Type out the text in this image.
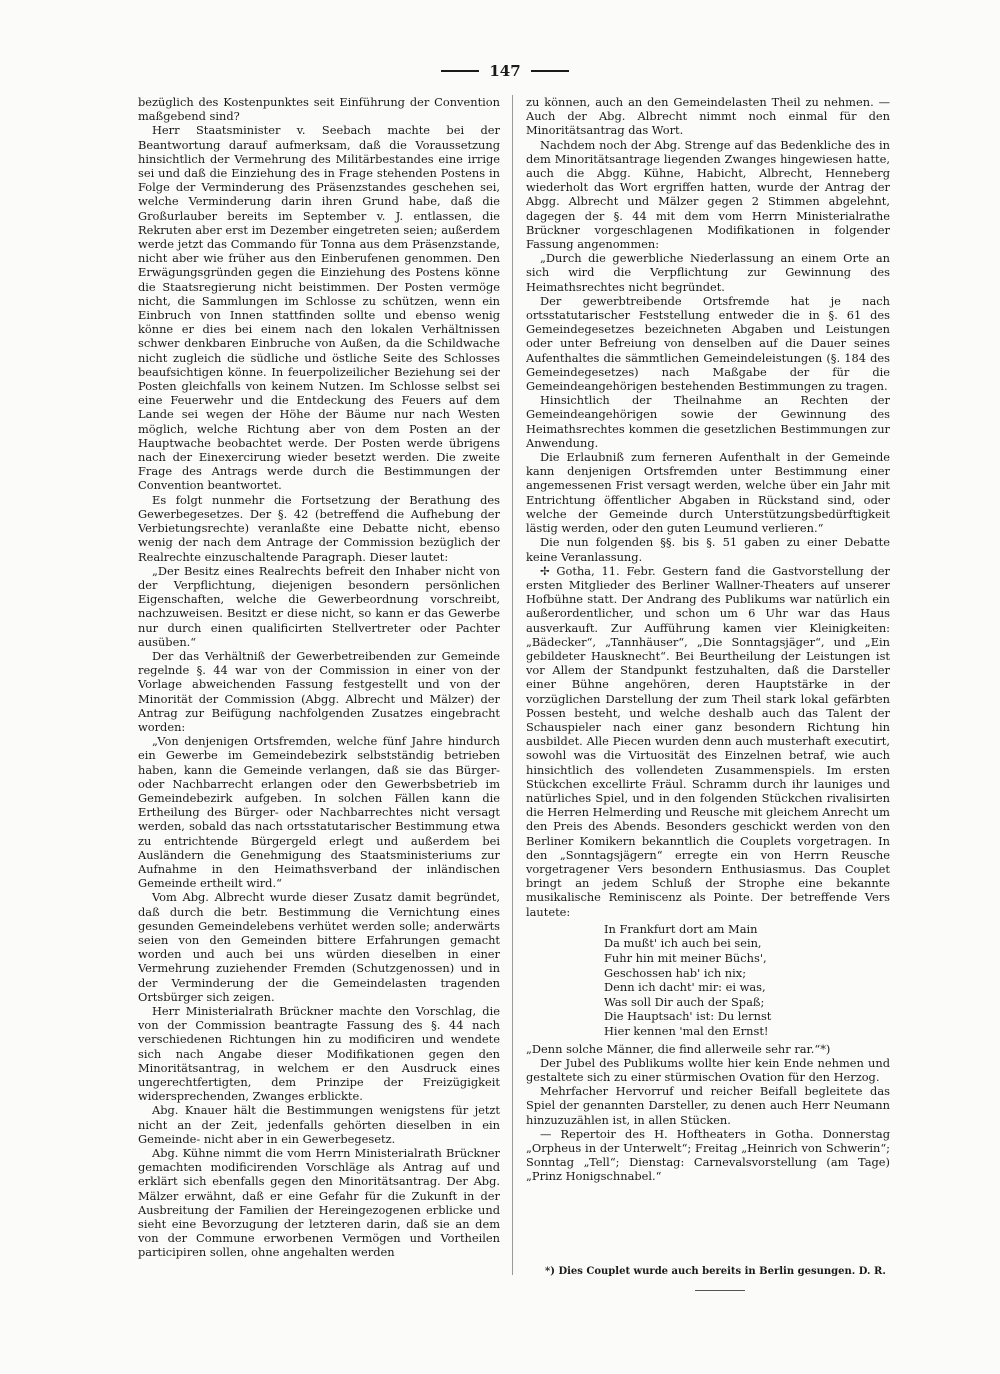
147

bezüglich des Kostenpunktes seit Einführung der Convention maßgebend sind?

Herr Staatsminister v. Seebach machte bei der Beantwortung darauf aufmerksam, daß die Voraussetzung hinsichtlich der Vermehrung des Militärbestandes eine irrige sei und daß die Einziehung des in Frage stehenden Postens in Folge der Verminderung des Präsenzstandes geschehen sei, welche Verminderung darin ihren Grund habe, daß die Großurlauber bereits im September v. J. entlassen, die Rekruten aber erst im Dezember eingetreten seien; außerdem werde jetzt das Commando für Tonna aus dem Präsenzstande, nicht aber wie früher aus den Einberufenen genommen. Den Erwägungsgründen gegen die Einziehung des Postens könne die Staatsregierung nicht beistimmen. Der Posten vermöge nicht, die Sammlungen im Schlosse zu schützen, wenn ein Einbruch von Innen stattfinden sollte und ebenso wenig könne er dies bei einem nach den lokalen Verhältnissen schwer denkbaren Einbruche von Außen, da die Schildwache nicht zugleich die südliche und östliche Seite des Schlosses beaufsichtigen könne. In feuerpolizeilicher Beziehung sei der Posten gleichfalls von keinem Nutzen. Im Schlosse selbst sei eine Feuerwehr und die Entdeckung des Feuers auf dem Lande sei wegen der Höhe der Bäume nur nach Westen möglich, welche Richtung aber von dem Posten an der Hauptwache beobachtet werde. Der Posten werde übrigens nach der Einexercirung wieder besetzt werden. Die zweite Frage des Antrags werde durch die Bestimmungen der Convention beantwortet.

Es folgt nunmehr die Fortsetzung der Berathung des Gewerbegesetzes. Der §. 42 (betreffend die Aufhebung der Verbietungsrechte) veranlaßte eine Debatte nicht, ebenso wenig der nach dem Antrage der Commission bezüglich der Realrechte einzuschaltende Paragraph. Dieser lautet:

„Der Besitz eines Realrechts befreit den Inhaber nicht von der Verpflichtung, diejenigen besondern persönlichen Eigenschaften, welche die Gewerbeordnung vorschreibt, nachzuweisen. Besitzt er diese nicht, so kann er das Gewerbe nur durch einen qualificirten Stellvertreter oder Pachter ausüben.“

Der das Verhältniß der Gewerbetreibenden zur Gemeinde regelnde §. 44 war von der Commission in einer von der Vorlage abweichenden Fassung festgestellt und von der Minorität der Commission (Abgg. Albrecht und Mälzer) der Antrag zur Beifügung nachfolgenden Zusatzes eingebracht worden:

„Von denjenigen Ortsfremden, welche fünf Jahre hindurch ein Gewerbe im Gemeindebezirk selbstständig betrieben haben, kann die Gemeinde verlangen, daß sie das Bürger- oder Nachbarrecht erlangen oder den Gewerbsbetrieb im Gemeindebezirk aufgeben. In solchen Fällen kann die Ertheilung des Bürger- oder Nachbarrechtes nicht versagt werden, sobald das nach ortsstatutarischer Bestimmung etwa zu entrichtende Bürgergeld erlegt und außerdem bei Ausländern die Genehmigung des Staatsministeriums zur Aufnahme in den Heimathsverband der inländischen Gemeinde ertheilt wird.“

Vom Abg. Albrecht wurde dieser Zusatz damit begründet, daß durch die betr. Bestimmung die Vernichtung eines gesunden Gemeindelebens verhütet werden solle; anderwärts seien von den Gemeinden bittere Erfahrungen gemacht worden und auch bei uns würden dieselben in einer Vermehrung zuziehender Fremden (Schutzgenossen) und in der Verminderung der die Gemeindelasten tragenden Ortsbürger sich zeigen.

Herr Ministerialrath Brückner machte den Vorschlag, die von der Commission beantragte Fassung des §. 44 nach verschiedenen Richtungen hin zu modificiren und wendete sich nach Angabe dieser Modifikationen gegen den Minoritätsantrag, in welchem er den Ausdruck eines ungerechtfertigten, dem Prinzipe der Freizügigkeit widersprechenden, Zwanges erblickte.

Abg. Knauer hält die Bestimmungen wenigstens für jetzt nicht an der Zeit, jedenfalls gehörten dieselben in ein Gemeinde- nicht aber in ein Gewerbegesetz.

Abg. Kühne nimmt die vom Herrn Ministerialrath Brückner gemachten modificirenden Vorschläge als Antrag auf und erklärt sich ebenfalls gegen den Minoritätsantrag. Der Abg. Mälzer erwähnt, daß er eine Gefahr für die Zukunft in der Ausbreitung der Familien der Hereingezogenen erblicke und sieht eine Bevorzugung der letzteren darin, daß sie an dem von der Commune erworbenen Vermögen und Vortheilen participiren sollen, ohne angehalten werden

zu können, auch an den Gemeindelasten Theil zu nehmen. — Auch der Abg. Albrecht nimmt noch einmal für den Minoritätsantrag das Wort.

Nachdem noch der Abg. Strenge auf das Bedenkliche des in dem Minoritätsantrage liegenden Zwanges hingewiesen hatte, auch die Abgg. Kühne, Habicht, Albrecht, Henneberg wiederholt das Wort ergriffen hatten, wurde der Antrag der Abgg. Albrecht und Mälzer gegen 2 Stimmen abgelehnt, dagegen der §. 44 mit dem vom Herrn Ministerialrathe Brückner vorgeschlagenen Modifikationen in folgender Fassung angenommen:

„Durch die gewerbliche Niederlassung an einem Orte an sich wird die Verpflichtung zur Gewinnung des Heimathsrechtes nicht begründet.

Der gewerbtreibende Ortsfremde hat je nach ortsstatutarischer Feststellung entweder die in §. 61 des Gemeindegesetzes bezeichneten Abgaben und Leistungen oder unter Befreiung von denselben auf die Dauer seines Aufenthaltes die sämmtlichen Gemeindeleistungen (§. 184 des Gemeindegesetzes) nach Maßgabe der für die Gemeindeangehörigen bestehenden Bestimmungen zu tragen.

Hinsichtlich der Theilnahme an Rechten der Gemeindeangehörigen sowie der Gewinnung des Heimathsrechtes kommen die gesetzlichen Bestimmungen zur Anwendung.

Die Erlaubniß zum ferneren Aufenthalt in der Gemeinde kann denjenigen Ortsfremden unter Bestimmung einer angemessenen Frist versagt werden, welche über ein Jahr mit Entrichtung öffentlicher Abgaben in Rückstand sind, oder welche der Gemeinde durch Unterstützungsbedürftigkeit lästig werden, oder den guten Leumund verlieren.“

Die nun folgenden §§. bis §. 51 gaben zu einer Debatte keine Veranlassung.

✢ Gotha, 11. Febr. Gestern fand die Gastvorstellung der ersten Mitglieder des Berliner Wallner-Theaters auf unserer Hofbühne statt. Der Andrang des Publikums war natürlich ein außerordentlicher, und schon um 6 Uhr war das Haus ausverkauft. Zur Aufführung kamen vier Kleinigkeiten: „Bädecker“, „Tannhäuser“, „Die Sonntagsjäger“, und „Ein gebildeter Hausknecht“. Bei Beurtheilung der Leistungen ist vor Allem der Standpunkt festzuhalten, daß die Darsteller einer Bühne angehören, deren Hauptstärke in der vorzüglichen Darstellung der zum Theil stark lokal gefärbten Possen besteht, und welche deshalb auch das Talent der Schauspieler nach einer ganz besondern Richtung hin ausbildet. Alle Piecen wurden denn auch musterhaft executirt, sowohl was die Virtuosität des Einzelnen betraf, wie auch hinsichtlich des vollendeten Zusammenspiels. Im ersten Stückchen excellirte Fräul. Schramm durch ihr launiges und natürliches Spiel, und in den folgenden Stückchen rivalisirten die Herren Helmerding und Reusche mit gleichem Anrecht um den Preis des Abends. Besonders geschickt werden von den Berliner Komikern bekanntlich die Couplets vorgetragen. In den „Sonntagsjägern“ erregte ein von Herrn Reusche vorgetragener Vers besondern Enthusiasmus. Das Couplet bringt an jedem Schluß der Strophe eine bekannte musikalische Reminiscenz als Pointe. Der betreffende Vers lautete:

In Frankfurt dort am Main
Da mußt' ich auch bei sein,
Fuhr hin mit meiner Büchs',
Geschossen hab' ich nix;
Denn ich dacht' mir: ei was,
Was soll Dir auch der Spaß;
Die Hauptsach' ist: Du lernst
Hier kennen 'mal den Ernst!

„Denn solche Männer, die find allerweile sehr rar.“*)

Der Jubel des Publikums wollte hier kein Ende nehmen und gestaltete sich zu einer stürmischen Ovation für den Herzog.

Mehrfacher Hervorruf und reicher Beifall begleitete das Spiel der genannten Darsteller, zu denen auch Herr Neumann hinzuzuzählen ist, in allen Stücken.

— Repertoir des H. Hoftheaters in Gotha. Donnerstag „Orpheus in der Unterwelt“; Freitag „Heinrich von Schwerin“; Sonntag „Tell“; Dienstag: Carnevalsvorstellung (am Tage) „Prinz Honigschnabel.“

*) Dies Couplet wurde auch bereits in Berlin gesungen. D. R.
